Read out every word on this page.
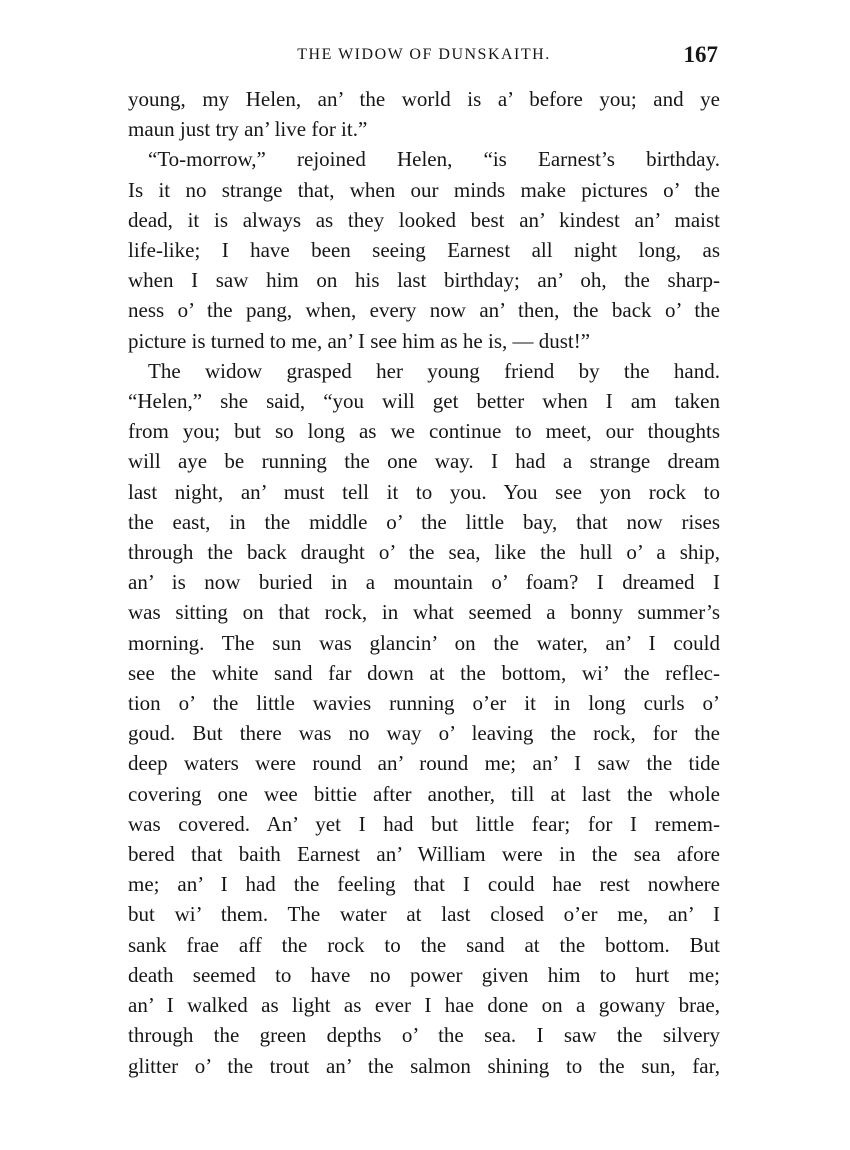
THE WIDOW OF DUNSKAITH.	167
young, my Helen, an’ the world is a’ before you; and ye
maun just try an’ live for it.”
“To-morrow,” rejoined Helen, “is Earnest’s birthday.
Is it no strange that, when our minds make pictures o’ the
dead, it is always as they looked best an’ kindest an’ maist
life-like; I have been seeing Earnest all night long, as
when I saw him on his last birthday; an’ oh, the sharp-
ness o’ the pang, when, every now an’ then, the back o’ the
picture is turned to me, an’ I see him as he is, — dust!”
The widow grasped her young friend by the hand.
“Helen,” she said, “you will get better when I am taken
from you; but so long as we continue to meet, our thoughts
will aye be running the one way. I had a strange dream
last night, an’ must tell it to you. You see yon rock to
the east, in the middle o’ the little bay, that now rises
through the back draught o’ the sea, like the hull o’ a ship,
an’ is now buried in a mountain o’ foam? I dreamed I
was sitting on that rock, in what seemed a bonny summer’s
morning. The sun was glancin’ on the water, an’ I could
see the white sand far down at the bottom, wi’ the reflec-
tion o’ the little wavies running o’er it in long curls o’
goud. But there was no way o’ leaving the rock, for the
deep waters were round an’ round me; an’ I saw the tide
covering one wee bittie after another, till at last the whole
was covered. An’ yet I had but little fear; for I remem-
bered that baith Earnest an’ William were in the sea afore
me; an’ I had the feeling that I could hae rest nowhere
but wi’ them. The water at last closed o’er me, an’ I
sank frae aff the rock to the sand at the bottom. But
death seemed to have no power given him to hurt me;
an’ I walked as light as ever I hae done on a gowany brae,
through the green depths o’ the sea. I saw the silvery
glitter o’ the trout an’ the salmon shining to the sun, far,
